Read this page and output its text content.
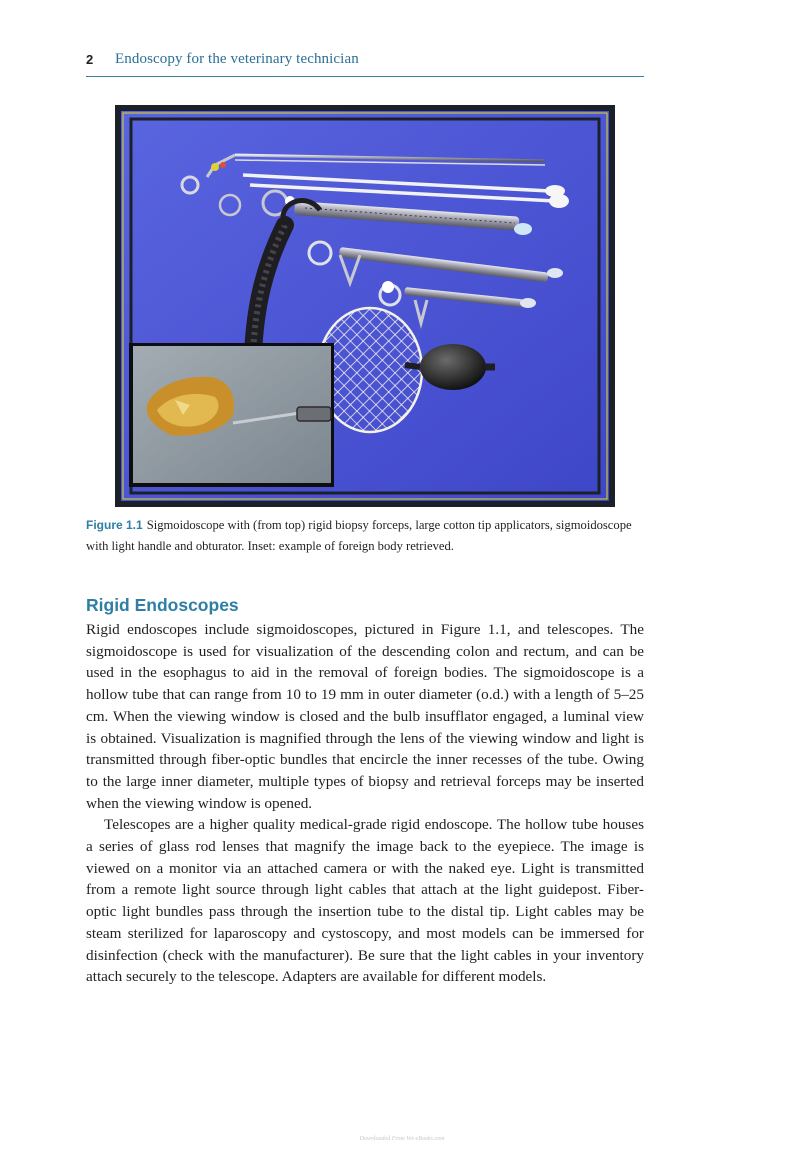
2 Endoscopy for the veterinary technician
Figure 1.1 Sigmoidoscope with (from top) rigid biopsy forceps, large cotton tip applicators, sigmoidoscope with light handle and obturator. Inset: example of foreign body retrieved.
Rigid Endoscopes

Rigid endoscopes include sigmoidoscopes, pictured in Figure 1.1, and telescopes. The sigmoidoscope is used for visualization of the descending colon and rectum, and can be used in the esophagus to aid in the removal of foreign bodies. The sigmoidoscope is a hollow tube that can range from 10 to 19 mm in outer diameter (o.d.) with a length of 5–25 cm. When the viewing window is closed and the bulb insufflator engaged, a luminal view is obtained. Visualization is magnified through the lens of the viewing window and light is transmitted through fiber-optic bundles that encircle the inner recesses of the tube. Owing to the large inner diameter, multiple types of biopsy and retrieval forceps may be inserted when the viewing window is opened.

Telescopes are a higher quality medical-grade rigid endoscope. The hollow tube houses a series of glass rod lenses that magnify the image back to the eyepiece. The image is viewed on a monitor via an attached camera or with the naked eye. Light is transmitted from a remote light source through light cables that attach at the light guidepost. Fiber-optic light bundles pass through the insertion tube to the distal tip. Light cables may be steam sterilized for laparoscopy and cystoscopy, and most models can be immersed for disinfection (check with the manufacturer). Be sure that the light cables in your inventory attach securely to the telescope. Adapters are available for different models.

Downloaded From Vet-eBooks.com
